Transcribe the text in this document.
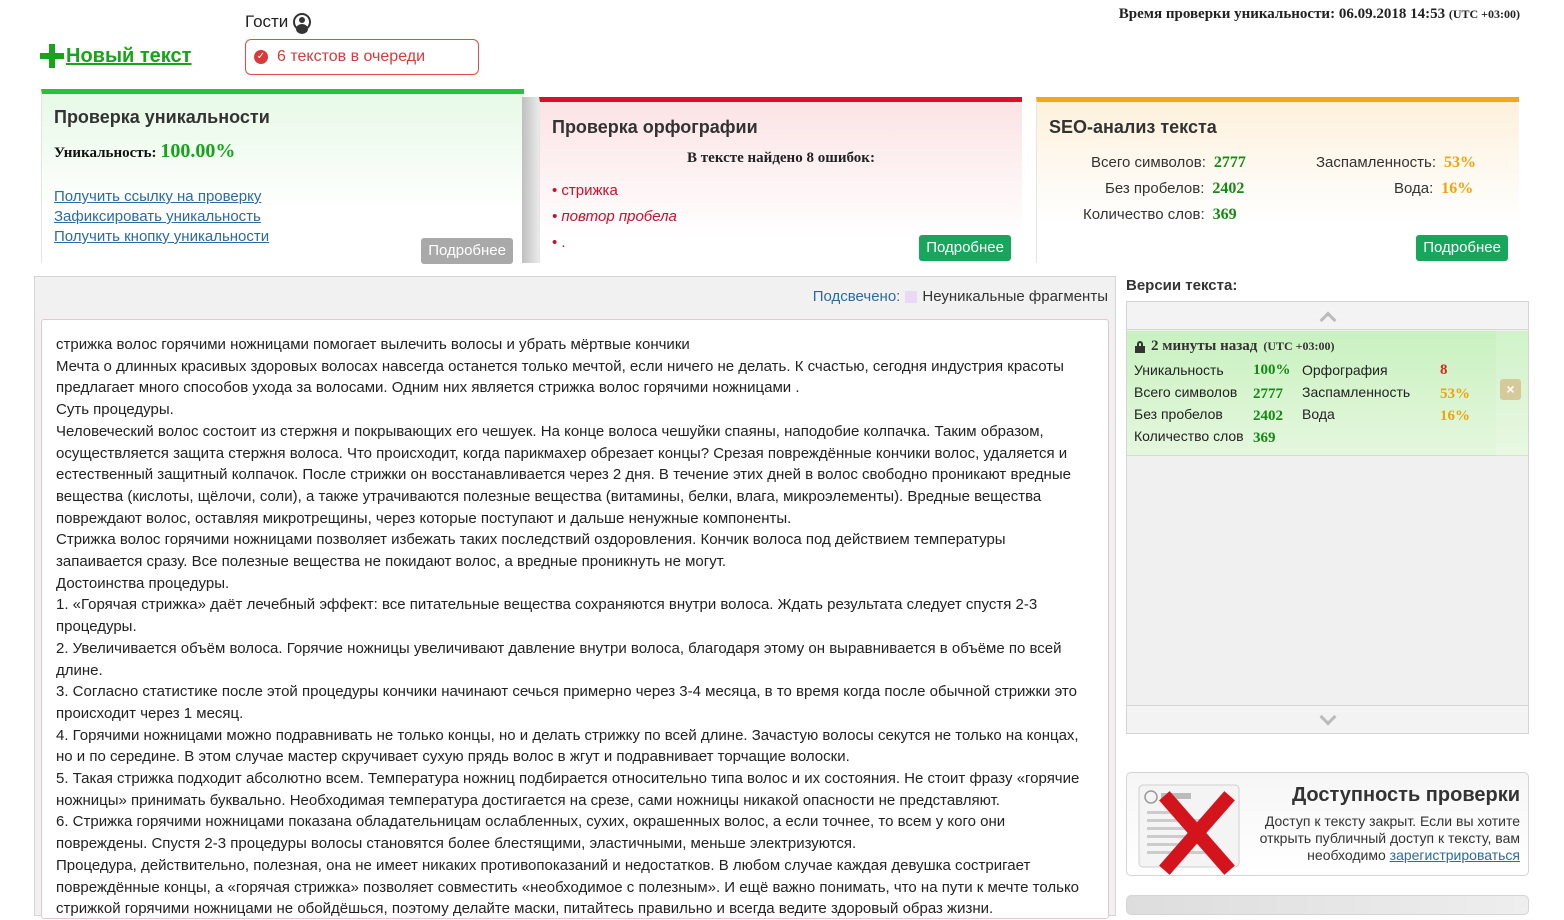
Гости
Новый текст	✓ 6 текстов в очереди
Время проверки уникальности: 06.09.2018 14:53 (UTC +03:00)
Проверка уникальности
Уникальность: 100.00%
Получить ссылку на проверку
Зафиксировать уникальность
Получить кнопку уникальности
Подробнее
Проверка орфографии
В тексте найдено 8 ошибок:
• стрижка
• повтор пробела
• .	Подробнее
SEO-анализ текста
Всего символов: 2777
Без пробелов: 2402
Количество слов: 369
Заспамленность: 53%
Вода: 16%
Подробнее
Подсвечено: Неуникальные фрагменты

стрижка волос горячими ножницами помогает вылечить волосы и убрать мёртвые кончики

Мечта о длинных красивых здоровых волосах навсегда останется только мечтой, если ничего не делать. К счастью, сегодня индустрия красоты предлагает много способов ухода за волосами. Одним них является стрижка волос горячими ножницами .

Суть процедуры.

Человеческий волос состоит из стержня и покрывающих его чешуек. На конце волоса чешуйки спаяны, наподобие колпачка. Таким образом, осуществляется защита стержня волоса. Что происходит, когда парикмахер обрезает концы? Срезая повреждённые кончики волос, удаляется и естественный защитный колпачок. После стрижки он восстанавливается через 2 дня. В течение этих дней в волос свободно проникают вредные вещества (кислоты, щёлочи, соли), а также утрачиваются полезные вещества (витамины, белки, влага, микроэлементы). Вредные вещества повреждают волос, оставляя микротрещины, через которые поступают и дальше ненужные компоненты.

Стрижка волос горячими ножницами позволяет избежать таких последствий оздоровления. Кончик волоса под действием температуры запаивается сразу. Все полезные вещества не покидают волос, а вредные проникнуть не могут.

Достоинства процедуры.

1. «Горячая стрижка» даёт лечебный эффект: все питательные вещества сохраняются внутри волоса. Ждать результата следует спустя 2-3 процедуры.

2. Увеличивается объём волоса. Горячие ножницы увеличивают давление внутри волоса, благодаря этому он выравнивается в объёме по всей длине.

3. Согласно статистике после этой процедуры кончики начинают сечься примерно через 3-4 месяца, в то время когда после обычной стрижки это происходит через 1 месяц.

4. Горячими ножницами можно подравнивать не только концы, но и делать стрижку по всей длине. Зачастую волосы секутся не только на концах, но и по середине. В этом случае мастер скручивает сухую прядь волос в жгут и подравнивает торчащие волоски.

5. Такая стрижка подходит абсолютно всем. Температура ножниц подбирается относительно типа волос и их состояния. Не стоит фразу «горячие ножницы» принимать буквально. Необходимая температура достигается на срезе, сами ножницы никакой опасности не представляют.

6. Стрижка горячими ножницами показана обладательницам ослабленных, сухих, окрашенных волос, а если точнее, то всем у кого они повреждены. Спустя 2-3 процедуры волосы становятся более блестящими, эластичными, меньше электризуются.

Процедура, действительно, полезная, она не имеет никаких противопоказаний и недостатков. В любом случае каждая девушка состригает повреждённые концы, а «горячая стрижка» позволяет совместить «необходимое с полезным». И ещё важно понимать, что на пути к мечте только стрижкой горячими ножницами не обойдёшься, поэтому делайте маски, питайтесь правильно и всегда ведите здоровый образ жизни.

Версии текста:
2 минуты назад (UTC +03:00)
Уникальность 100% Орфография	8
Всего символов 2777 Заспамленность 53%
Без пробелов 2402 Вода	16%
Количество слов 369
×
Доступность проверки
Доступ к тексту закрыт. Если вы хотите открыть публичный доступ к тексту, вам необходимо зарегистрироваться
